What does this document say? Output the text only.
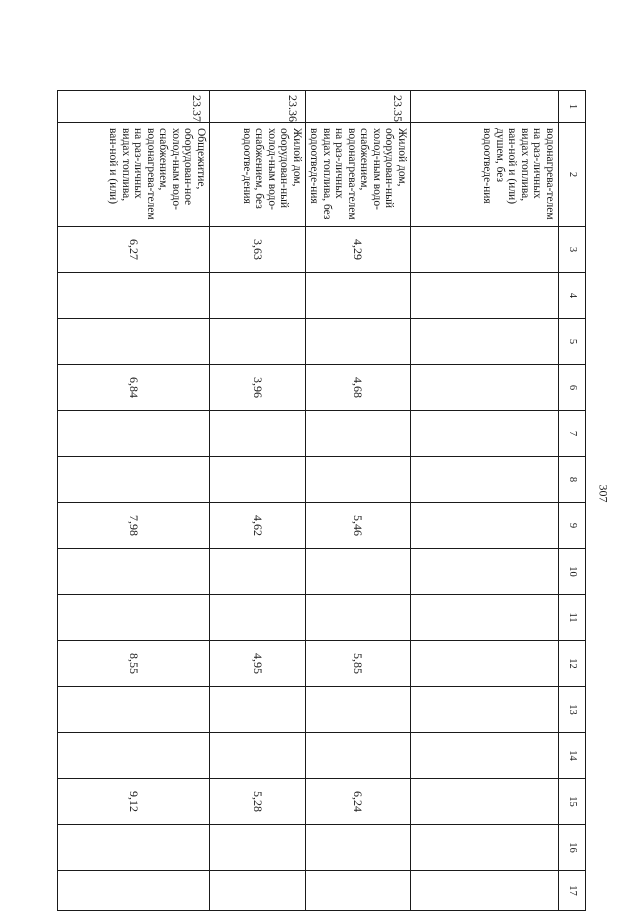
307
1	2	3	4	5	6	7	8	9	10	11	12	13	14	15	16	17
	водонагрева-телем на раз-личных видах топлива, ван-ной и (или) душем, без водоотведе-ния															
23.35	Жилой дом, оборудован-ный холод-ным водо-снабжением, водонагрева-телем на раз-личных видах топлива, без водоотведе-ния	4,29			4,68			5,46			5,85			6,24		
23.36	Жилой дом, оборудован-ный холод-ным водо-снабжением, без водоотве-дения	3,63			3,96			4,62			4,95			5,28		
23.37	Общежитие, оборудован-ное холод-ным водо-снабжением, водонагрева-телем на раз-личных видах топлива, ван-ной и (или)	6,27			6,84			7,98			8,55			9,12		
